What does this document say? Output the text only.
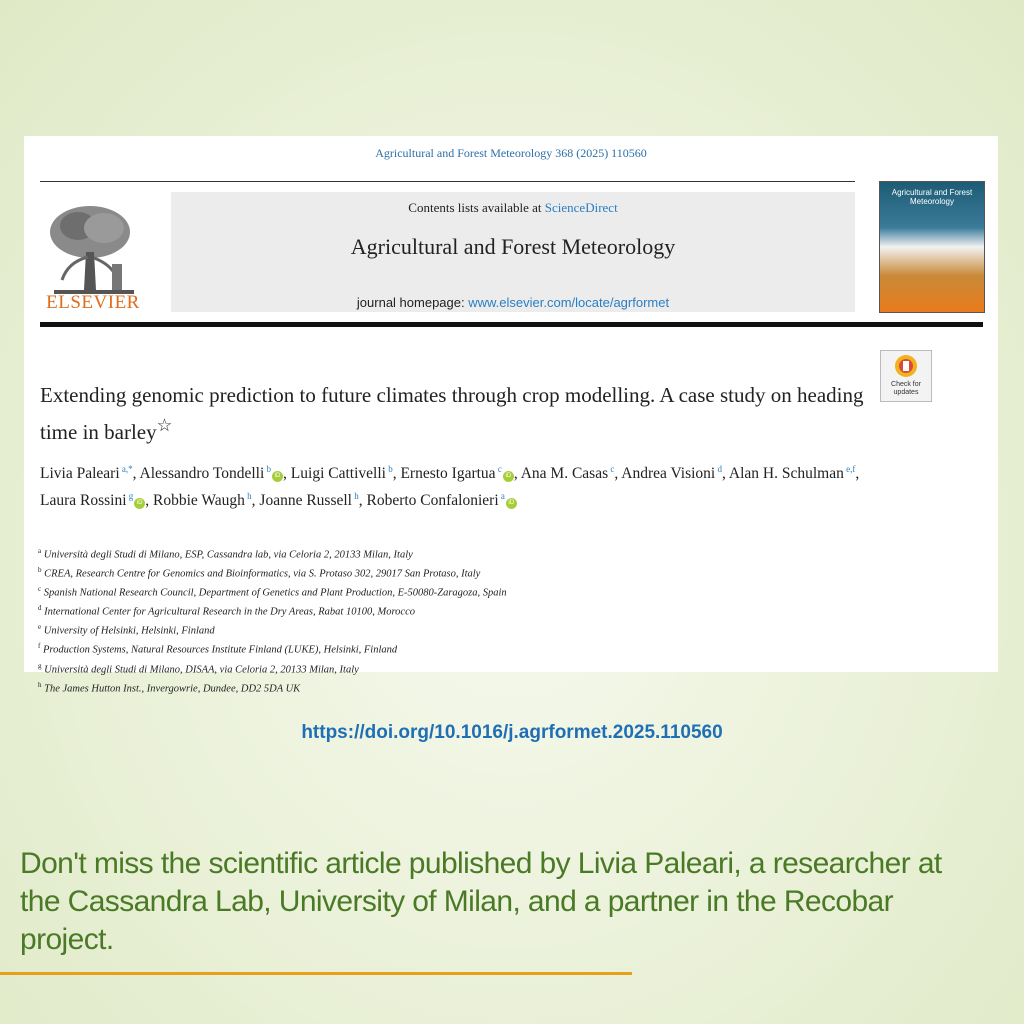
Agricultural and Forest Meteorology 368 (2025) 110560
ELSEVIER
Contents lists available at ScienceDirect
Agricultural and Forest Meteorology
journal homepage: www.elsevier.com/locate/agrformet
Agricultural and Forest Meteorology
Check for updates
Extending genomic prediction to future climates through crop modelling. A case study on heading time in barley☆
Livia Paleari $^{a,*}$, Alessandro Tondelli $^b$iD , Luigi Cattivelli $^b$, Ernesto Igartua $^c$iD , Ana M. Casas $^c$, Andrea Visioni $^d$, Alan H. Schulman $^{e,f}$, Laura Rossini $^g$iD , Robbie Waugh $^h$, Joanne Russell $^h$, Roberto Confalonieri $^a$iD
$^a$ Università degli Studi di Milano, ESP, Cassandra lab, via Celoria 2, 20133 Milan, Italy
$^b$ CREA, Research Centre for Genomics and Bioinformatics, via S. Protaso 302, 29017 San Protaso, Italy
$^c$ Spanish National Research Council, Department of Genetics and Plant Production, E-50080-Zaragoza, Spain
$^d$ International Center for Agricultural Research in the Dry Areas, Rabat 10100, Morocco
$^e$ University of Helsinki, Helsinki, Finland
$^f$ Production Systems, Natural Resources Institute Finland (LUKE), Helsinki, Finland
$^g$ Università degli Studi di Milano, DISAA, via Celoria 2, 20133 Milan, Italy
$^h$ The James Hutton Inst., Invergowrie, Dundee, DD2 5DA UK
https://doi.org/10.1016/j.agrformet.2025.110560
Don't miss the scientific article published by Livia Paleari, a researcher at the Cassandra Lab, University of Milan, and a partner in the Recobar project.
